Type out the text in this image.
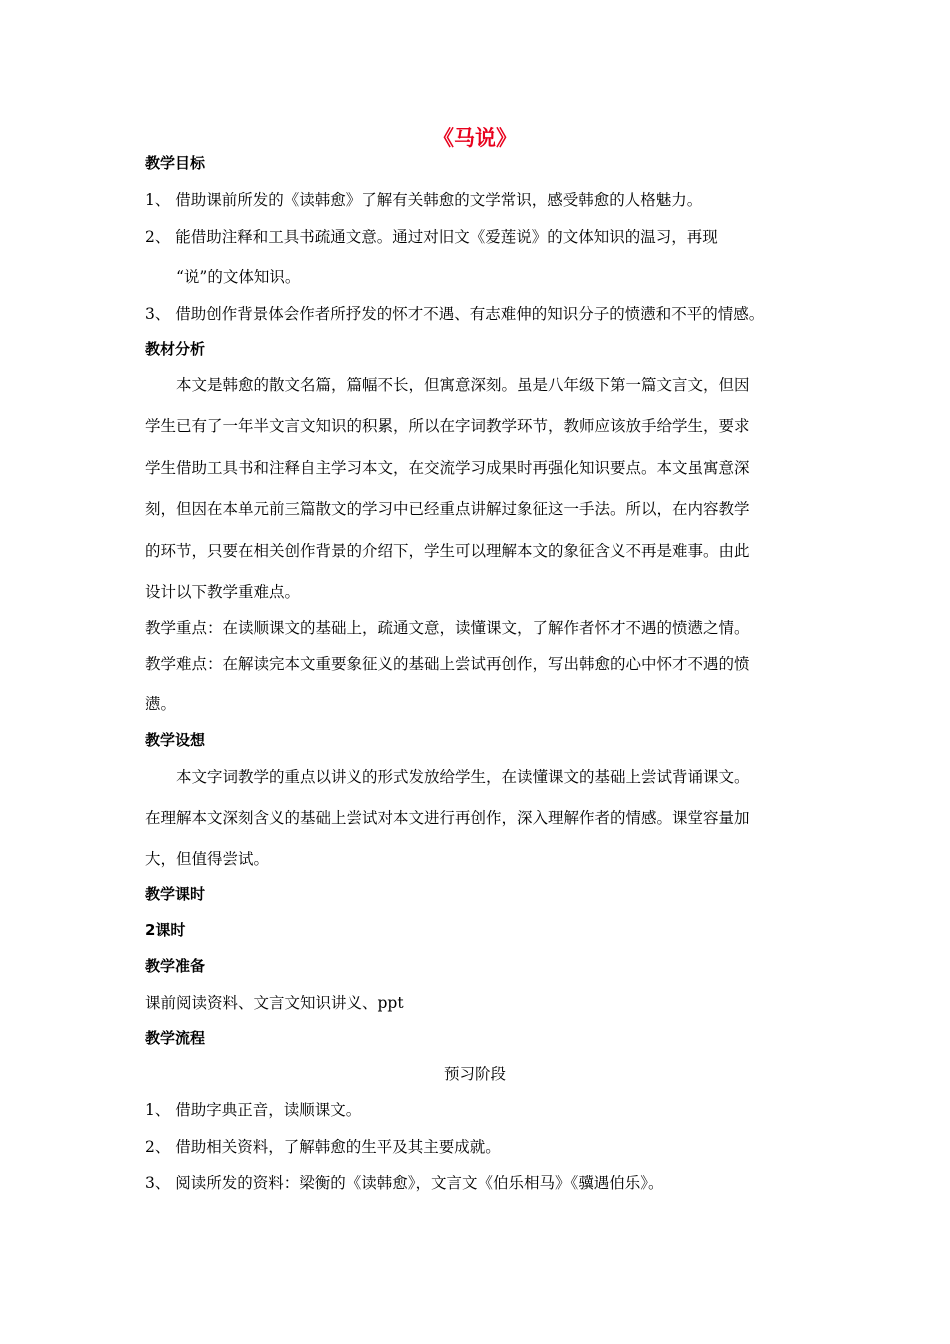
《马说》
教学目标
1、 借助课前所发的《读韩愈》了解有关韩愈的文学常识，感受韩愈的人格魅力。
2、 能借助注释和工具书疏通文意。通过对旧文《爱莲说》的文体知识的温习，再现
“说”的文体知识。
3、 借助创作背景体会作者所抒发的怀才不遇、有志难伸的知识分子的愤懑和不平的情感。
教材分析
本文是韩愈的散文名篇，篇幅不长，但寓意深刻。虽是八年级下第一篇文言文，但因
学生已有了一年半文言文知识的积累，所以在字词教学环节，教师应该放手给学生，要求
学生借助工具书和注释自主学习本文，在交流学习成果时再强化知识要点。本文虽寓意深
刻，但因在本单元前三篇散文的学习中已经重点讲解过象征这一手法。所以，在内容教学
的环节，只要在相关创作背景的介绍下，学生可以理解本文的象征含义不再是难事。由此
设计以下教学重难点。
教学重点：在读顺课文的基础上，疏通文意，读懂课文，了解作者怀才不遇的愤懑之情。
教学难点：在解读完本文重要象征义的基础上尝试再创作，写出韩愈的心中怀才不遇的愤
懑。
教学设想
本文字词教学的重点以讲义的形式发放给学生，在读懂课文的基础上尝试背诵课文。
在理解本文深刻含义的基础上尝试对本文进行再创作，深入理解作者的情感。课堂容量加
大，但值得尝试。
教学课时
2课时
教学准备
课前阅读资料、文言文知识讲义、ppt
教学流程
预习阶段
1、 借助字典正音，读顺课文。
2、 借助相关资料，了解韩愈的生平及其主要成就。
3、 阅读所发的资料：梁衡的《读韩愈》，文言文《伯乐相马》《骥遇伯乐》。
